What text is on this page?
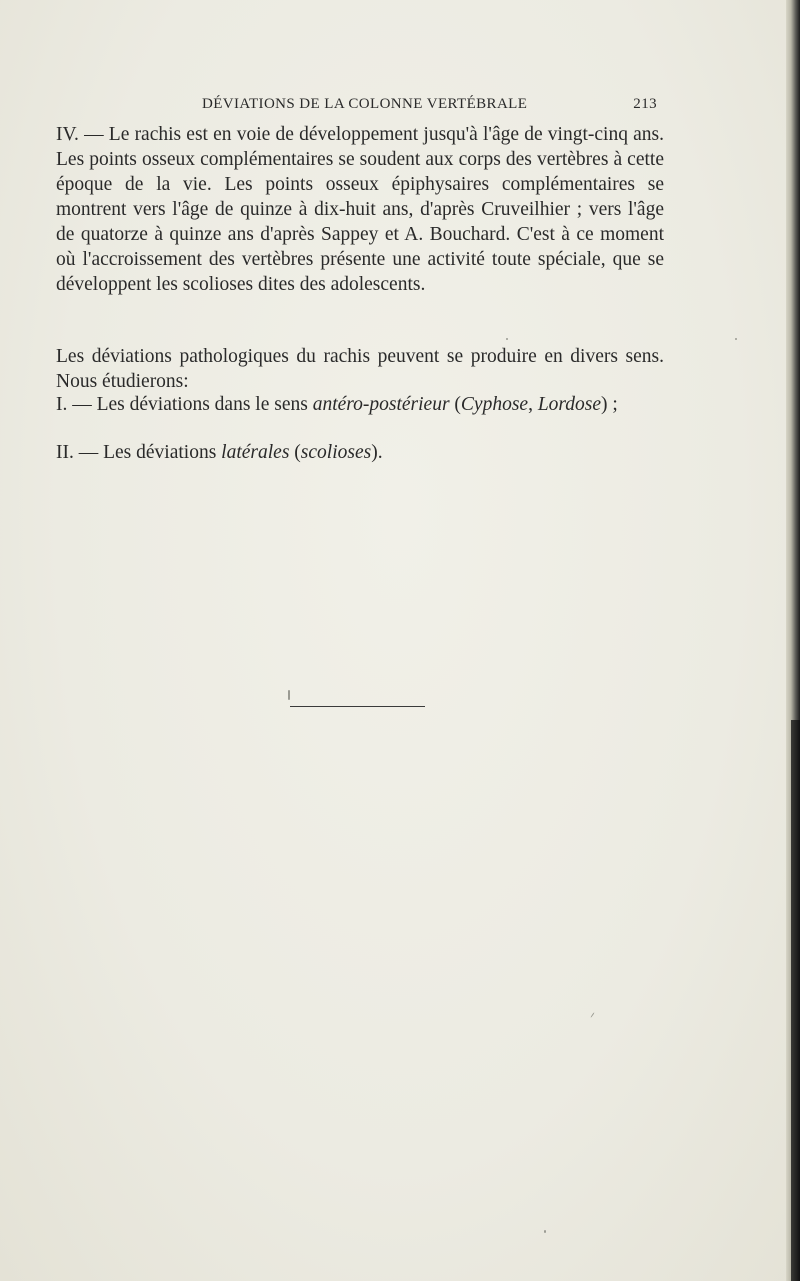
DÉVIATIONS DE LA COLONNE VERTÉBRALE	213

IV. — Le rachis est en voie de développement jusqu'à l'âge de vingt-cinq ans. Les points osseux complémentaires se soudent aux corps des vertèbres à cette époque de la vie. Les points osseux épiphysaires complémentaires se montrent vers l'âge de quinze à dix-huit ans, d'après Cruveilhier ; vers l'âge de quatorze à quinze ans d'après Sappey et A. Bouchard. C'est à ce moment où l'accroissement des vertèbres présente une activité toute spéciale, que se développent les scolioses dites des adolescents.

Les déviations pathologiques du rachis peuvent se produire en divers sens. Nous étudierons:

I. — Les déviations dans le sens antéro-postérieur (Cyphose, Lordose) ;

II. — Les déviations latérales (scolioses).
